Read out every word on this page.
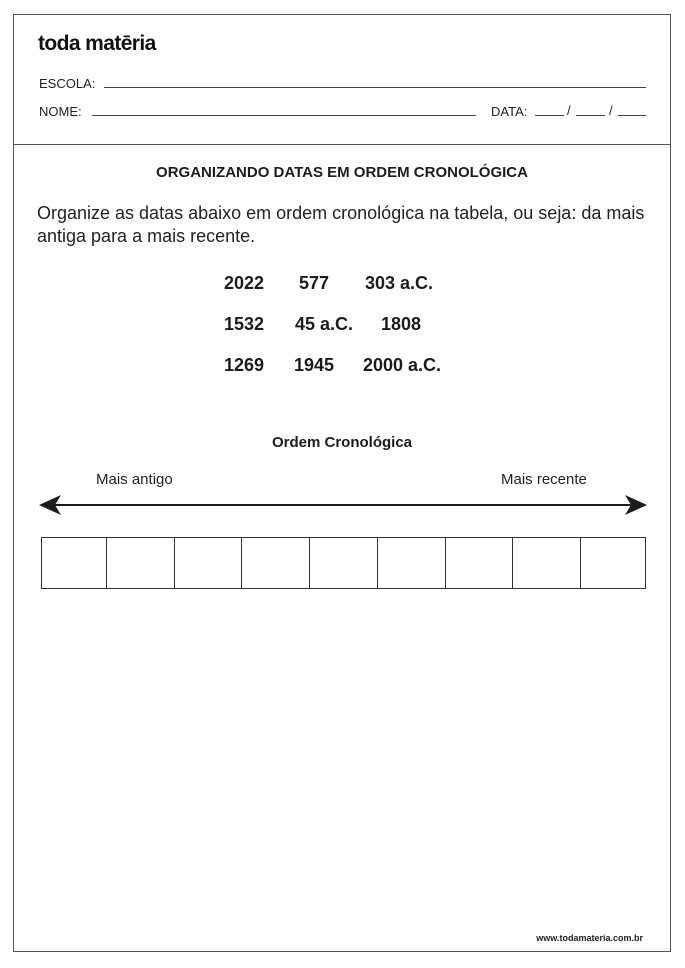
toda matēria
ESCOLA:
NOME:	DATA:	/	/
ORGANIZANDO DATAS EM ORDEM CRONOLÓGICA
Organize as datas abaixo em ordem cronológica na tabela, ou seja: da mais antiga para a mais recente.
2022 577 303 a.C.
1532 45 a.C. 1808
1269 1945 2000 a.C.
Ordem Cronológica
Mais antigo	Mais recente
www.todamateria.com.br
